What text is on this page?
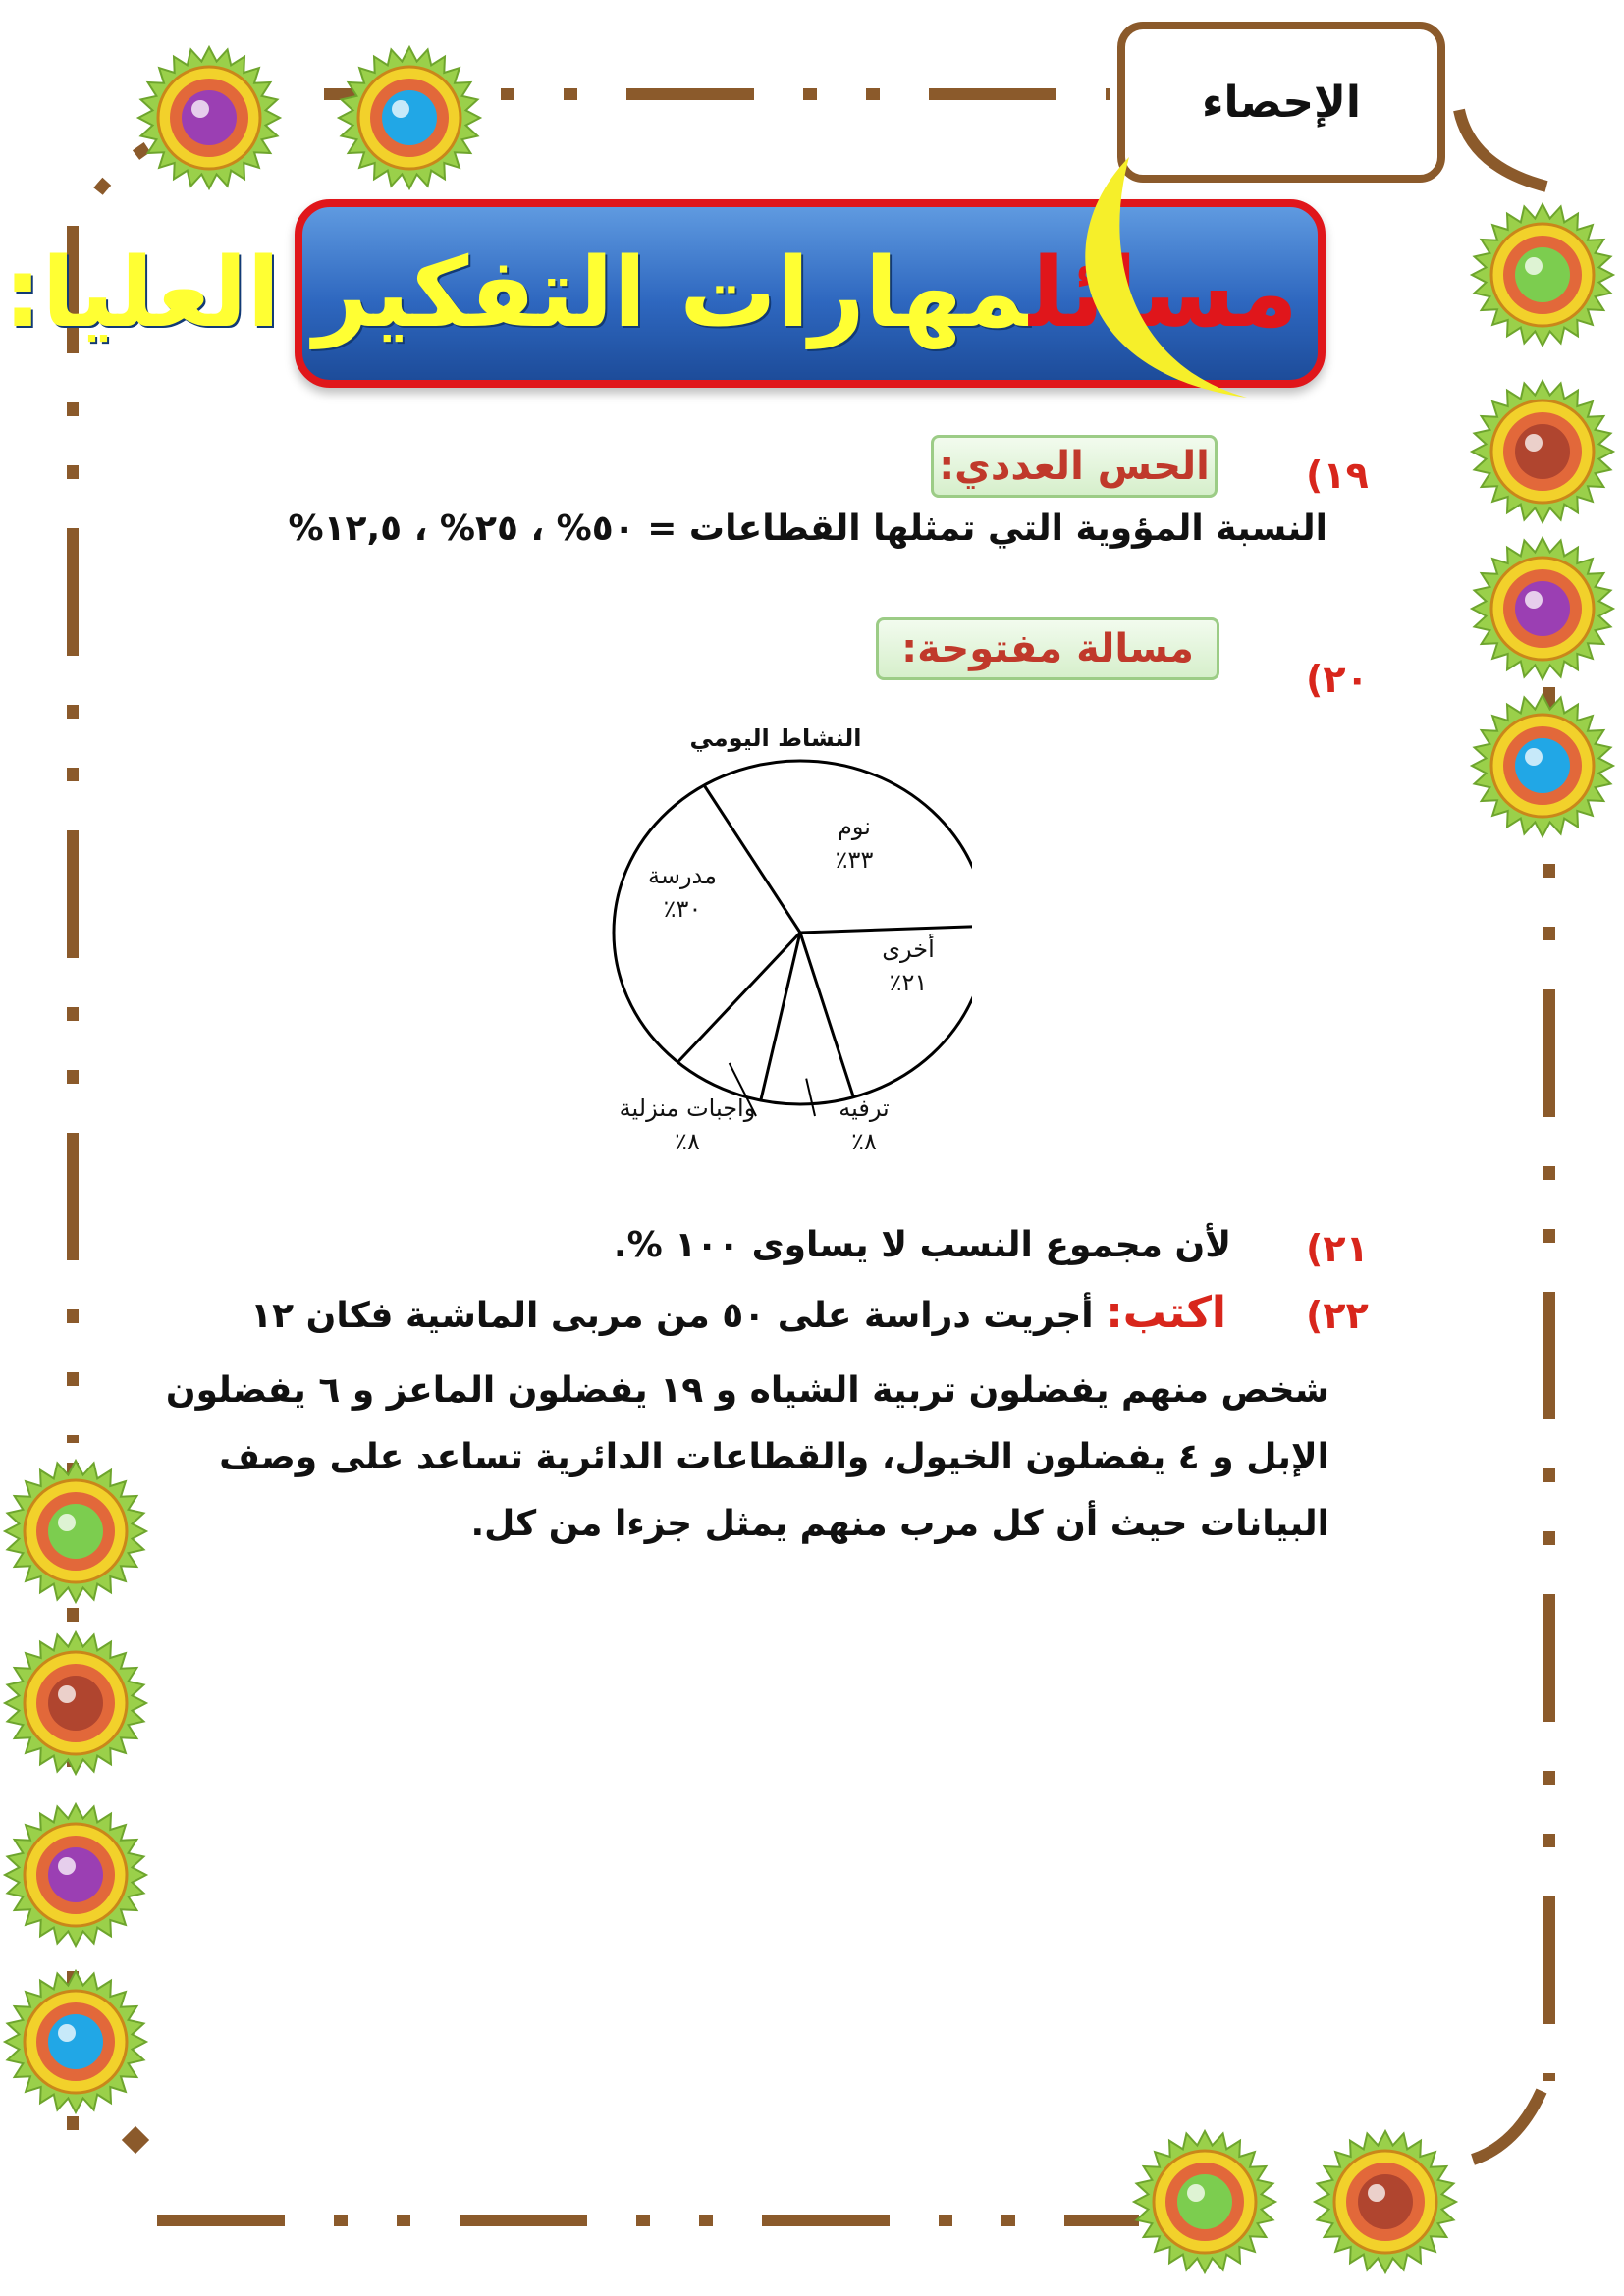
الإحصاء
مسائلمهارات التفكير العليا:
١٩)
الحس العددي:
النسبة المؤوية التي تمثلها القطاعات = ٥٠% ، ٢٥% ، ١٢,٥%
٢٠)
مسالة مفتوحة:
النشاط اليومي
نوم
٪٣٣
أخرى
٪٢١
ترفيه
٪٨
واجبات منزلية
٪٨
مدرسة
٪٣٠
٢١)
لأن مجموع النسب لا يساوى ١٠٠ %.
٢٢)
اكتب: أجريت دراسة على ٥٠ من مربى الماشية فكان ١٢
شخص منهم يفضلون تربية الشياه و ١٩ يفضلون الماعز و ٦ يفضلون
الإبل و ٤ يفضلون الخيول، والقطاعات الدائرية تساعد على وصف
البيانات حيث أن كل مرب منهم يمثل جزءا من كل.
